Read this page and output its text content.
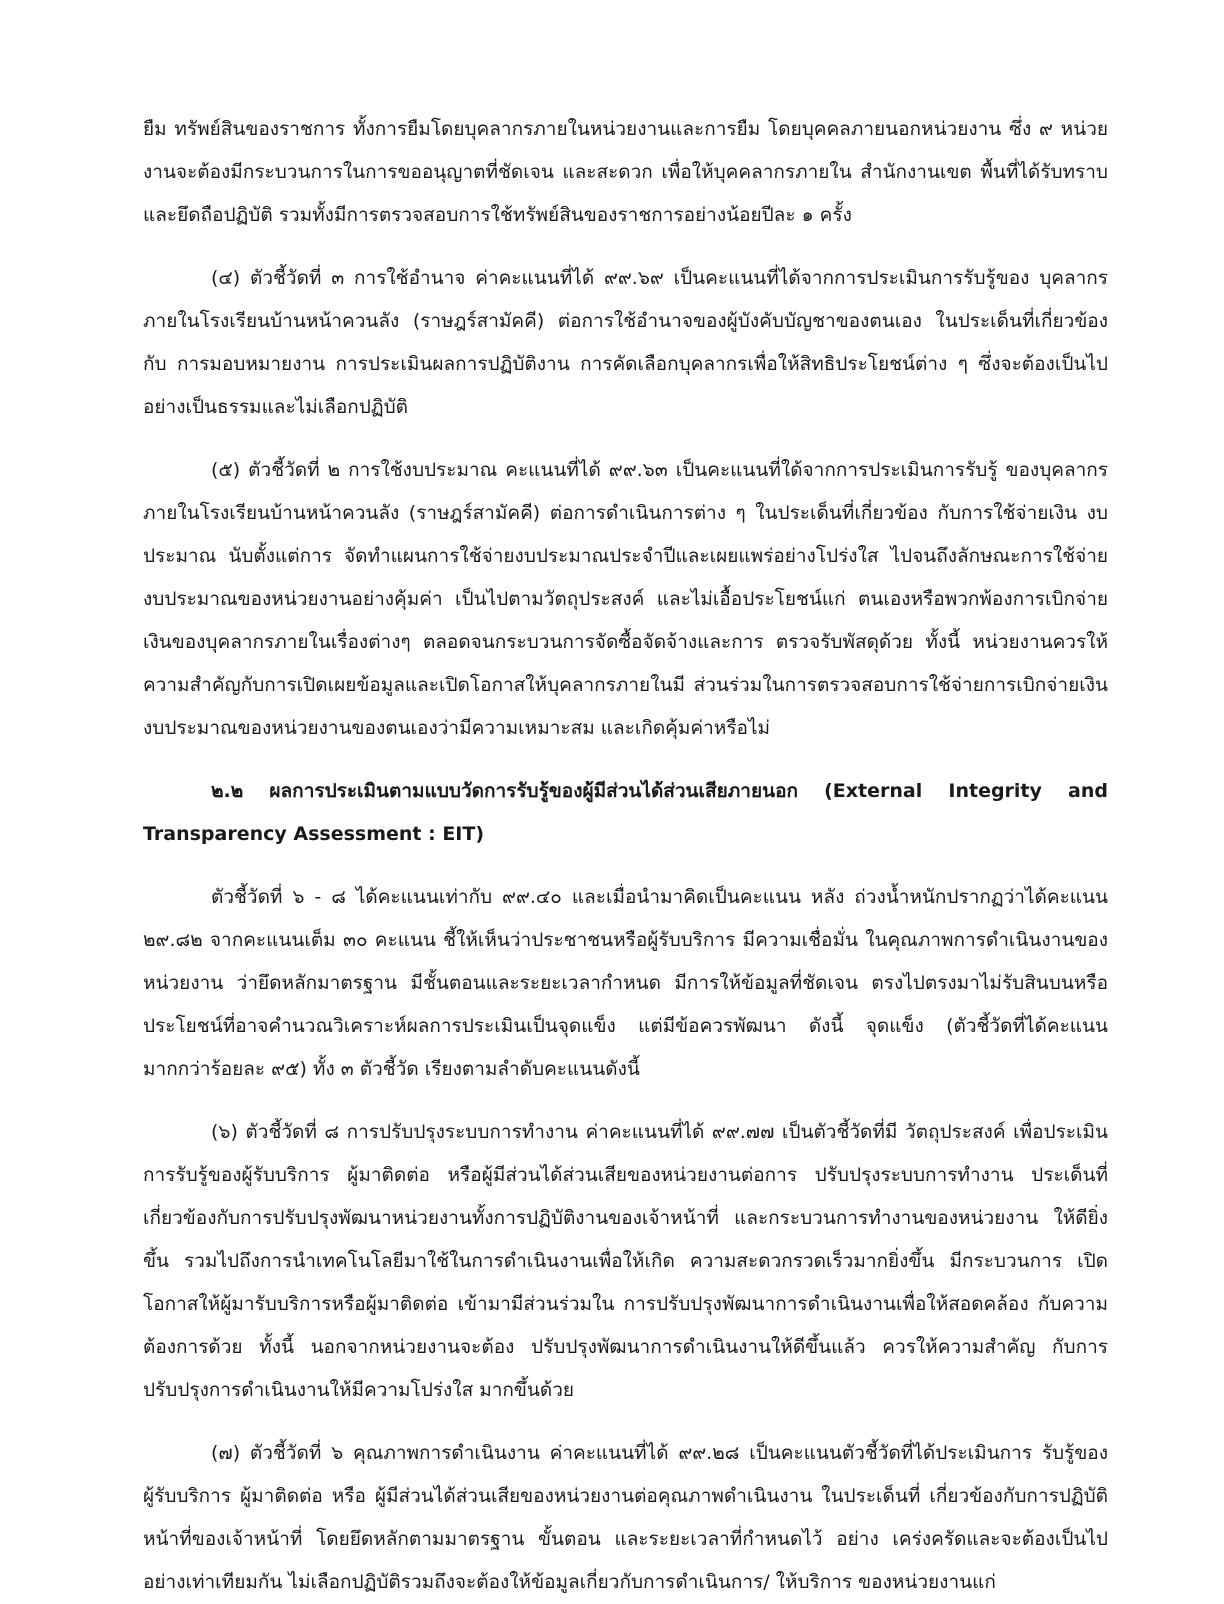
ยืม ทรัพย์สินของราชการ ทั้งการยืมโดยบุคลากรภายในหน่วยงานและการยืม โดยบุคคลภายนอกหน่วยงาน ซึ่ง ๙ หน่วยงานจะต้องมีกระบวนการในการขออนุญาตที่ชัดเจน และสะดวก เพื่อให้บุคคลากรภายใน สำนักงานเขต พื้นที่ได้รับทราบและยึดถือปฏิบัติ รวมทั้งมีการตรวจสอบการใช้ทรัพย์สินของราชการอย่างน้อยปีละ ๑ ครั้ง

(๔) ตัวชี้วัดที่ ๓ การใช้อำนาจ ค่าคะแนนที่ได้ ๙๙.๖๙ เป็นคะแนนที่ได้จากการประเมินการรับรู้ของ บุคลากรภายในโรงเรียนบ้านหน้าควนลัง (ราษฎร์สามัคคี) ต่อการใช้อำนาจของผู้บังคับบัญชาของตนเอง ในประเด็นที่เกี่ยวข้องกับ การมอบหมายงาน การประเมินผลการปฏิบัติงาน การคัดเลือกบุคลากรเพื่อให้สิทธิประโยชน์ต่าง ๆ ซึ่งจะต้องเป็นไปอย่างเป็นธรรมและไม่เลือกปฏิบัติ

(๕) ตัวชี้วัดที่ ๒ การใช้งบประมาณ คะแนนที่ได้ ๙๙.๖๓ เป็นคะแนนที่ใด้จากการประเมินการรับรู้ ของบุคลากรภายในโรงเรียนบ้านหน้าควนลัง (ราษฎร์สามัคคี) ต่อการดำเนินการต่าง ๆ ในประเด็นที่เกี่ยวข้อง กับการใช้จ่ายเงิน งบประมาณ นับตั้งแต่การ จัดทำแผนการใช้จ่ายงบประมาณประจำปีและเผยแพร่อย่างโปร่งใส ไปจนถึงลักษณะการใช้จ่ายงบประมาณของหน่วยงานอย่างคุ้มค่า เป็นไปตามวัตถุประสงค์ และไม่เอื้อประโยชน์แก่ ตนเองหรือพวกพ้องการเบิกจ่ายเงินของบุคลากรภายในเรื่องต่างๆ ตลอดจนกระบวนการจัดซื้อจัดจ้างและการ ตรวจรับพัสดุด้วย ทั้งนี้ หน่วยงานควรให้ความสำคัญกับการเปิดเผยข้อมูลและเปิดโอกาสให้บุคลากรภายในมี ส่วนร่วมในการตรวจสอบการใช้จ่ายการเบิกจ่ายเงินงบประมาณของหน่วยงานของตนเองว่ามีความเหมาะสม และเกิดคุ้มค่าหรือไม่

๒.๒ ผลการประเมินตามแบบวัดการรับรู้ของผู้มีส่วนได้ส่วนเสียภายนอก (External Integrity and Transparency Assessment : EIT)

ตัวชี้วัดที่ ๖ - ๘ ได้คะแนนเท่ากับ ๙๙.๔๐ และเมื่อนำมาคิดเป็นคะแนน หลัง ถ่วงน้ำหนักปรากฏว่าได้คะแนน ๒๙.๘๒ จากคะแนนเต็ม ๓๐ คะแนน ชี้ให้เห็นว่าประชาชนหรือผู้รับบริการ มีความเชื่อมั่น ในคุณภาพการดำเนินงานของหน่วยงาน ว่ายึดหลักมาตรฐาน มีชั้นตอนและระยะเวลากำหนด มีการให้ข้อมูลที่ชัดเจน ตรงไปตรงมาไม่รับสินบนหรือประโยชน์ที่อาจคำนวณวิเคราะห์ผลการประเมินเป็นจุดแข็ง แต่มีข้อควรพัฒนา ดังนี้ จุดแข็ง (ตัวชี้วัดที่ได้คะแนนมากกว่าร้อยละ ๙๕) ทั้ง ๓ ตัวชี้วัด เรียงตามลำดับคะแนนดังนี้

(๖) ตัวชี้วัดที่ ๘ การปรับปรุงระบบการทำงาน ค่าคะแนนที่ได้ ๙๙.๗๗ เป็นตัวชี้วัดที่มี วัตถุประสงค์ เพื่อประเมินการรับรู้ของผู้รับบริการ ผู้มาติดต่อ หรือผู้มีส่วนได้ส่วนเสียของหน่วยงานต่อการ ปรับปรุงระบบการทำงาน ประเด็นที่เกี่ยวข้องกับการปรับปรุงพัฒนาหน่วยงานทั้งการปฏิบัติงานของเจ้าหน้าที่ และกระบวนการทำงานของหน่วยงาน ให้ดียิ่งขึ้น รวมไปถึงการนำเทคโนโลยีมาใช้ในการดำเนินงานเพื่อให้เกิด ความสะดวกรวดเร็วมากยิ่งขึ้น มีกระบวนการ เปิดโอกาสให้ผู้มารับบริการหรือผู้มาติดต่อ เข้ามามีส่วนร่วมใน การปรับปรุงพัฒนาการดำเนินงานเพื่อให้สอดคล้อง กับความต้องการด้วย ทั้งนี้ นอกจากหน่วยงานจะต้อง ปรับปรุงพัฒนาการดำเนินงานให้ดีขึ้นแล้ว ควรให้ความสำคัญ กับการปรับปรุงการดำเนินงานให้มีความโปร่งใส มากขึ้นด้วย

(๗) ตัวชี้วัดที่ ๖ คุณภาพการดำเนินงาน ค่าคะแนนที่ได้ ๙๙.๒๘ เป็นคะแนนตัวชี้วัดที่ได้ประเมินการ รับรู้ของผู้รับบริการ ผู้มาติดต่อ หรือ ผู้มีส่วนได้ส่วนเสียของหน่วยงานต่อคุณภาพดำเนินงาน ในประเด็นที่ เกี่ยวข้องกับการปฏิบัติหน้าที่ของเจ้าหน้าที่ โดยยึดหลักตามมาตรฐาน ขั้นตอน และระยะเวลาที่กำหนดไว้ อย่าง เคร่งครัดและจะต้องเป็นไปอย่างเท่าเทียมกัน ไม่เลือกปฏิบัติรวมถึงจะต้องให้ข้อมูลเกี่ยวกับการดำเนินการ/ ให้บริการ ของหน่วยงานแก่
